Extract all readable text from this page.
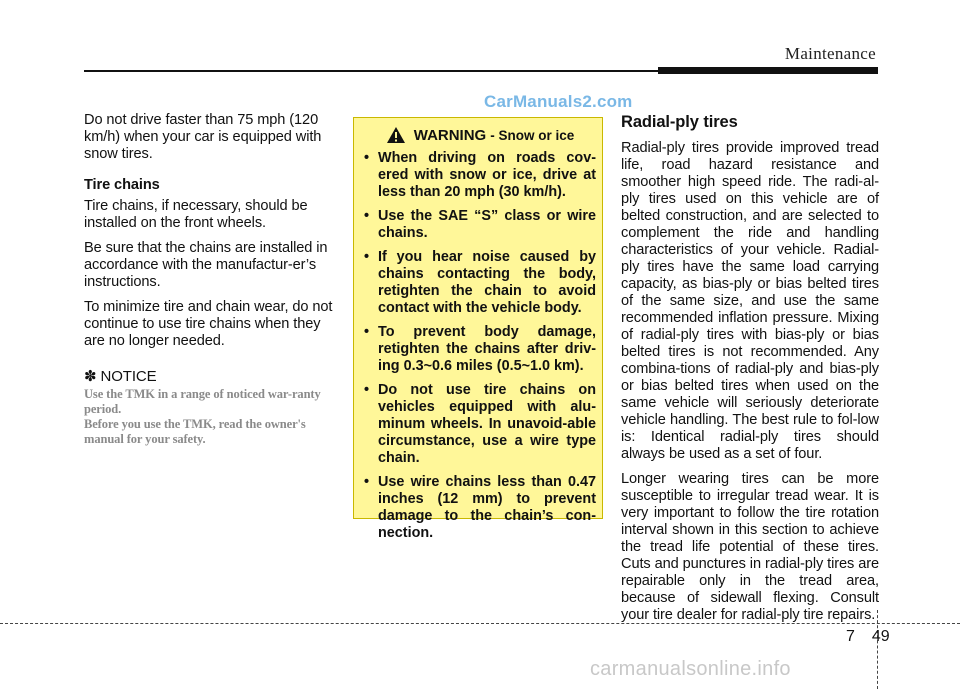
Maintenance
CarManuals2.com

Do not drive faster than 75 mph (120 km/h) when your car is equipped with snow tires.

Tire chains

Tire chains, if necessary, should be installed on the front wheels.

Be sure that the chains are installed in accordance with the manufactur-er’s instructions.

To minimize tire and chain wear, do not continue to use tire chains when they are no longer needed.

✽ NOTICE

Use the TMK in a range of noticed war-ranty period.

Before you use the TMK, read the owner's manual for your safety.

WARNING - Snow or ice
• When driving on roads cov-ered with snow or ice, drive at less than 20 mph (30 km/h).
• Use the SAE “S” class or wire chains.
• If you hear noise caused by chains contacting the body, retighten the chain to avoid contact with the vehicle body.
• To prevent body damage, retighten the chains after driv-ing 0.3~0.6 miles (0.5~1.0 km).
• Do not use tire chains on vehicles equipped with alu-minum wheels. In unavoid-able circumstance, use a wire type chain.
• Use wire chains less than 0.47 inches (12 mm) to prevent damage to the chain’s con-nection.

Radial-ply tires

Radial-ply tires provide improved tread life, road hazard resistance and smoother high speed ride. The radi-al-ply tires used on this vehicle are of belted construction, and are selected to complement the ride and handling characteristics of your vehicle. Radial-ply tires have the same load carrying capacity, as bias-ply or bias belted tires of the same size, and use the same recommended inflation pressure. Mixing of radial-ply tires with bias-ply or bias belted tires is not recommended. Any combina-tions of radial-ply and bias-ply or bias belted tires when used on the same vehicle will seriously deteriorate vehicle handling. The best rule to fol-low is: Identical radial-ply tires should always be used as a set of four.

Longer wearing tires can be more susceptible to irregular tread wear. It is very important to follow the tire rotation interval shown in this section to achieve the tread life potential of these tires. Cuts and punctures in radial-ply tires are repairable only in the tread area, because of sidewall flexing. Consult your tire dealer for radial-ply tire repairs.

7 49
carmanualsonline.info
